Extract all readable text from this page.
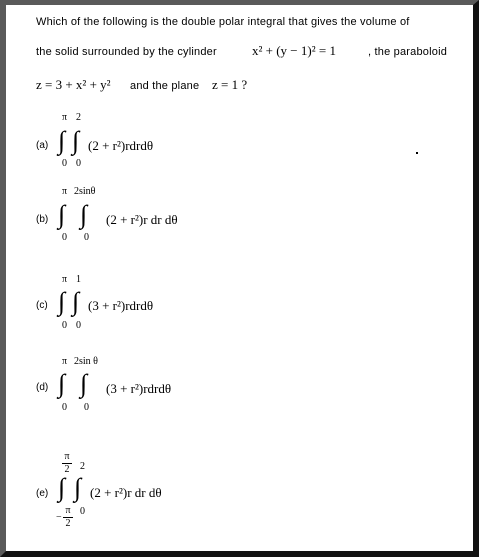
Which of the following is the double polar integral that gives the volume of
the solid surrounded by the cylinder	x² + (y − 1)² = 1	, the paraboloid
z = 3 + x² + y² and the plane z = 1 ?
(a)
π 2
∫ ∫
0 0
(2 + r²)rdrdθ
(b)
π 2sinθ
∫ ∫
0 0
(2 + r²)r dr dθ
(c)
π 1
∫ ∫
0 0
(3 + r²)rdrdθ
(d)
π 2sin θ
∫ ∫
0 0
(3 + r²)rdrdθ
(e)
π
2 2
∫ ∫
−
π
2
0
(2 + r²)r dr dθ
